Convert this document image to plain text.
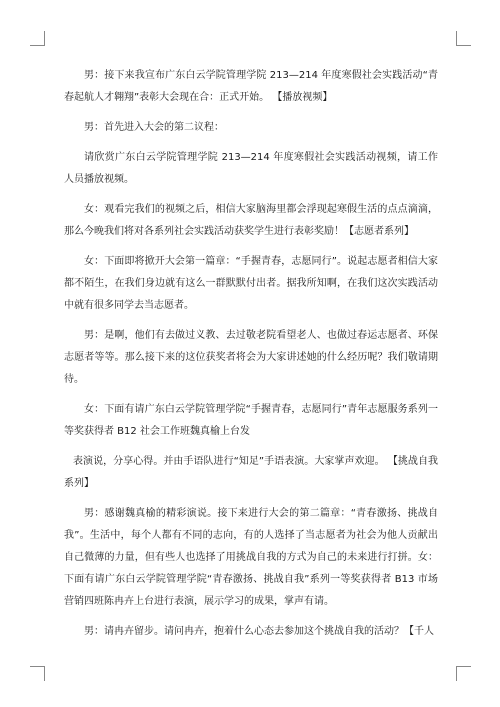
男：接下来我宣布广东白云学院管理学院 213—214 年度寒假社会实践活动“青春起航人才翱翔”表彰大会现在合：正式开始。 【播放视频】

男：首先进入大会的第二议程：

请欣赏广东白云学院管理学院 213—214 年度寒假社会实践活动视频，请工作人员播放视频。

女：观看完我们的视频之后，相信大家脑海里都会浮现起寒假生活的点点滴滴，那么今晚我们将对各系列社会实践活动获奖学生进行表彰奖励！【志愿者系列】

女：下面即将掀开大会第一篇章：“手握青春，志愿同行”。说起志愿者相信大家都不陌生，在我们身边就有这么一群默默付出者。据我所知啊，在我们这次实践活动中就有很多同学去当志愿者。

男：是啊，他们有去做过义教、去过敬老院看望老人、也做过春运志愿者、环保志愿者等等。那么接下来的这位获奖者将会为大家讲述她的什么经历呢？我们敬请期待。

女：下面有请广东白云学院管理学院“手握青春，志愿同行”青年志愿服务系列一等奖获得者 B12 社会工作班魏真榆上台发

表演说，分享心得。并由手语队进行“知足”手语表演。大家掌声欢迎。 【挑战自我系列】

男：感谢魏真榆的精彩演说。接下来进行大会的第二篇章：“青春激扬、挑战自我”。生活中，每个人都有不同的志向，有的人选择了当志愿者为社会为他人贡献出自己微薄的力量，但有些人也选择了用挑战自我的方式为自己的未来进行打拼。女：下面有请广东白云学院管理学院“青春激扬、挑战自我”系列一等奖获得者 B13 市场营销四班陈冉卉上台进行表演，展示学习的成果，掌声有请。

男：请冉卉留步。请问冉卉，抱着什么心态去参加这个挑战自我的活动？【千人
